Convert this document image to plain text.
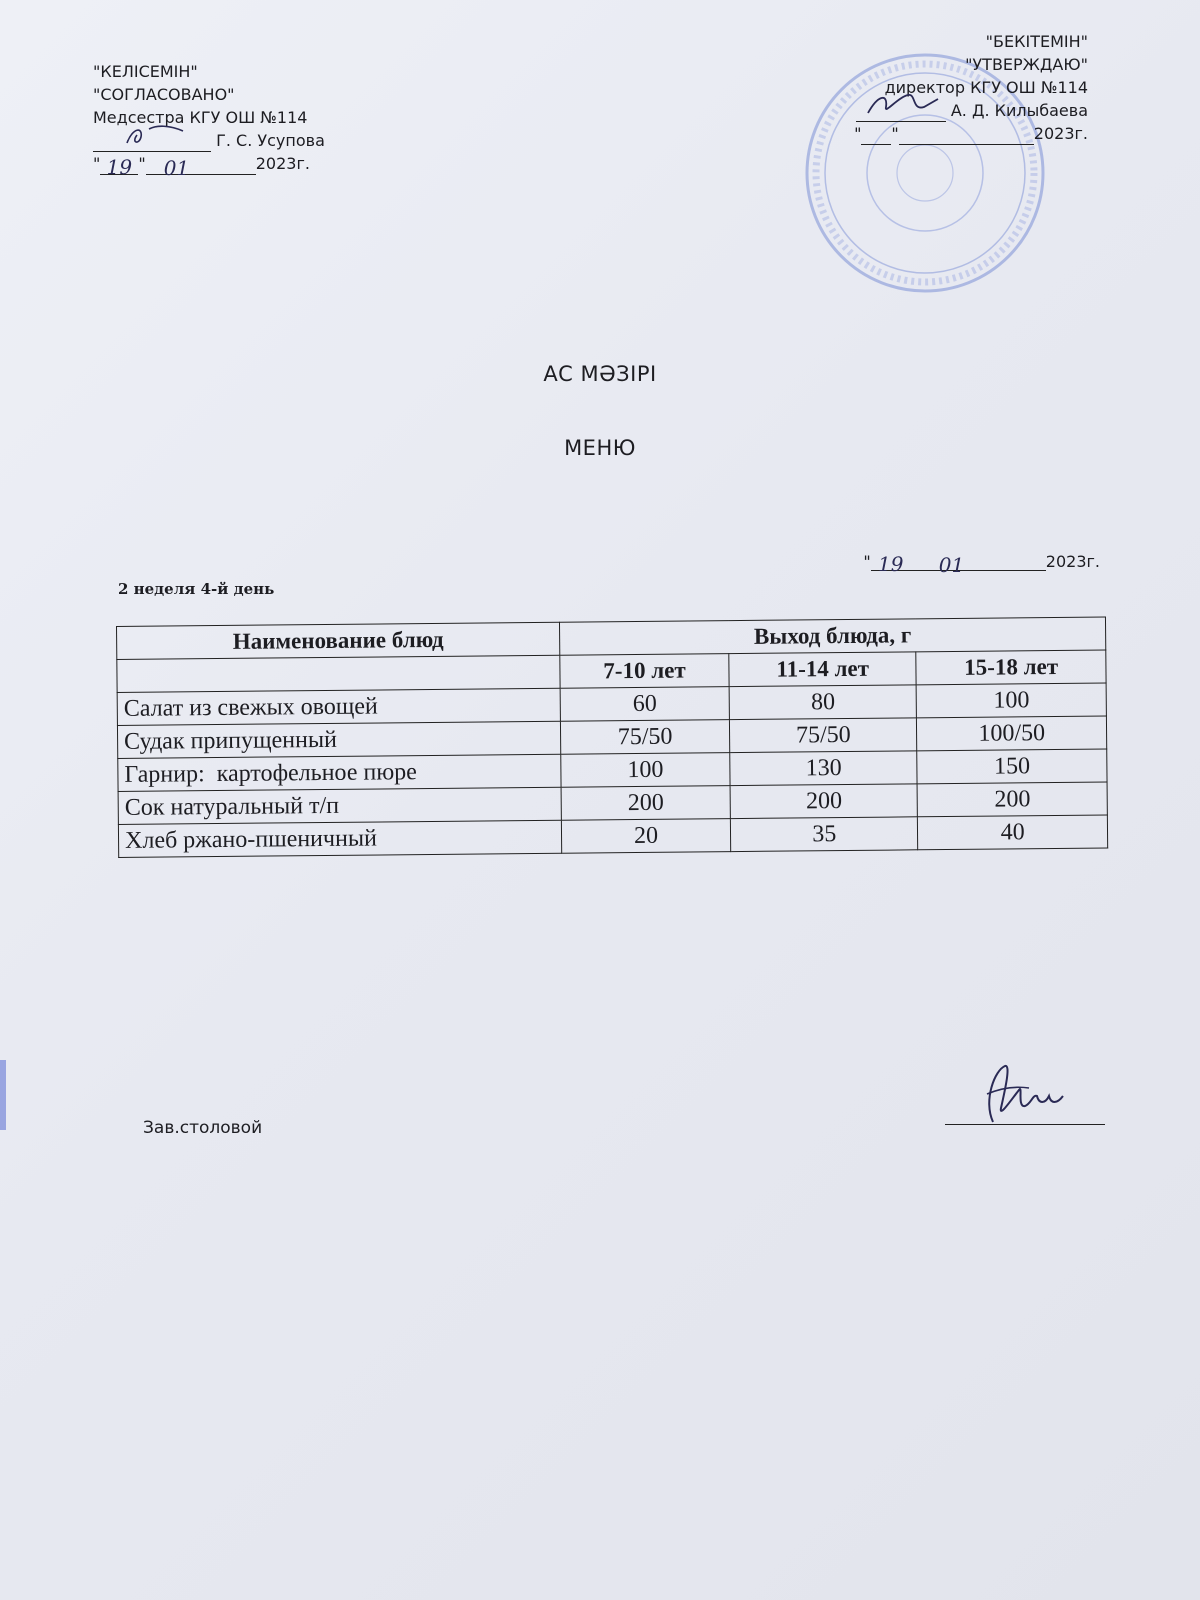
"КЕЛІСЕМІН"
"СОГЛАСОВАНО"
Медсестра КГУ ОШ №114
Г. С. Усупова
" 19 " 01	2023г.
"БЕКІТЕМІН"
"УТВЕРЖДАЮ"
директор КГУ ОШ №114
А. Д. Килыбаева
" "	2023г.
АС МӘЗІРІ
МЕНЮ
2 неделя 4-й день
" 19 01	2023г.
Наименование блюд	Выход блюда, г		
	7-10 лет	11-14 лет	15-18 лет
Салат из свежых овощей	60	80	100
Судак припущенный	75/50	75/50	100/50
Гарнир:  картофельное пюре	100	130	150
Сок натуральный т/п	200	200	200
Хлеб ржано-пшеничный	20	35	40
Зав.столовой
